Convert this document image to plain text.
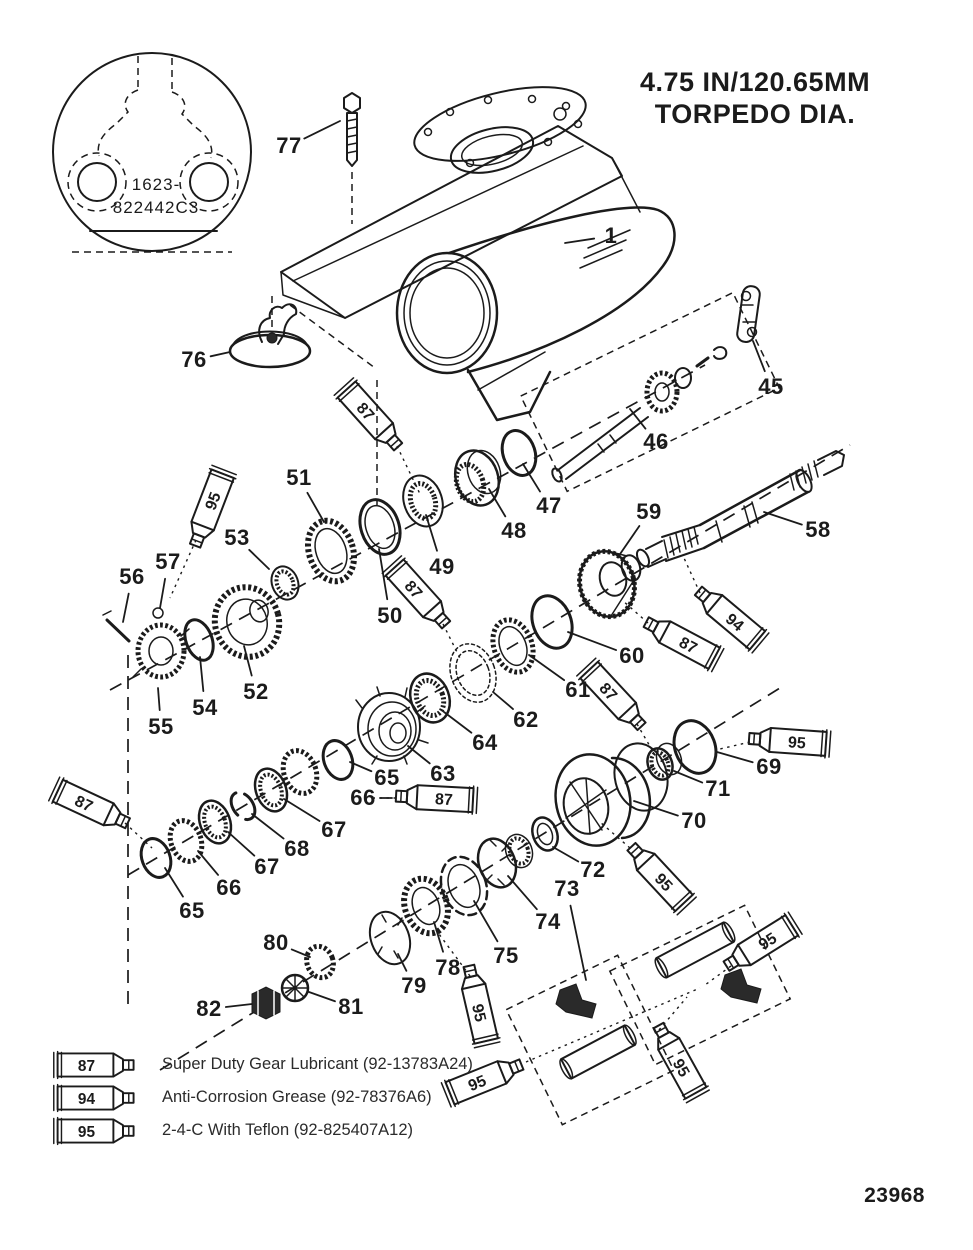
95
87
87
87	87
87
94
87
95
95
95
95
95
95
4.75 IN/120.65MM
TORPEDO DIA.
1623-
822442C3
77
1
76
45
46
47
48
49
51
53
57
56
50
52
54
55
59
58
60
61
62
64
63
65
66
67
68
67
66
65
69
71
70
72
73
74
75
78
79
80
81
82
87	Super Duty Gear Lubricant (92-13783A24)
94	Anti-Corrosion Grease (92-78376A6)
95	2-4-C With Teflon (92-825407A12)
23968
